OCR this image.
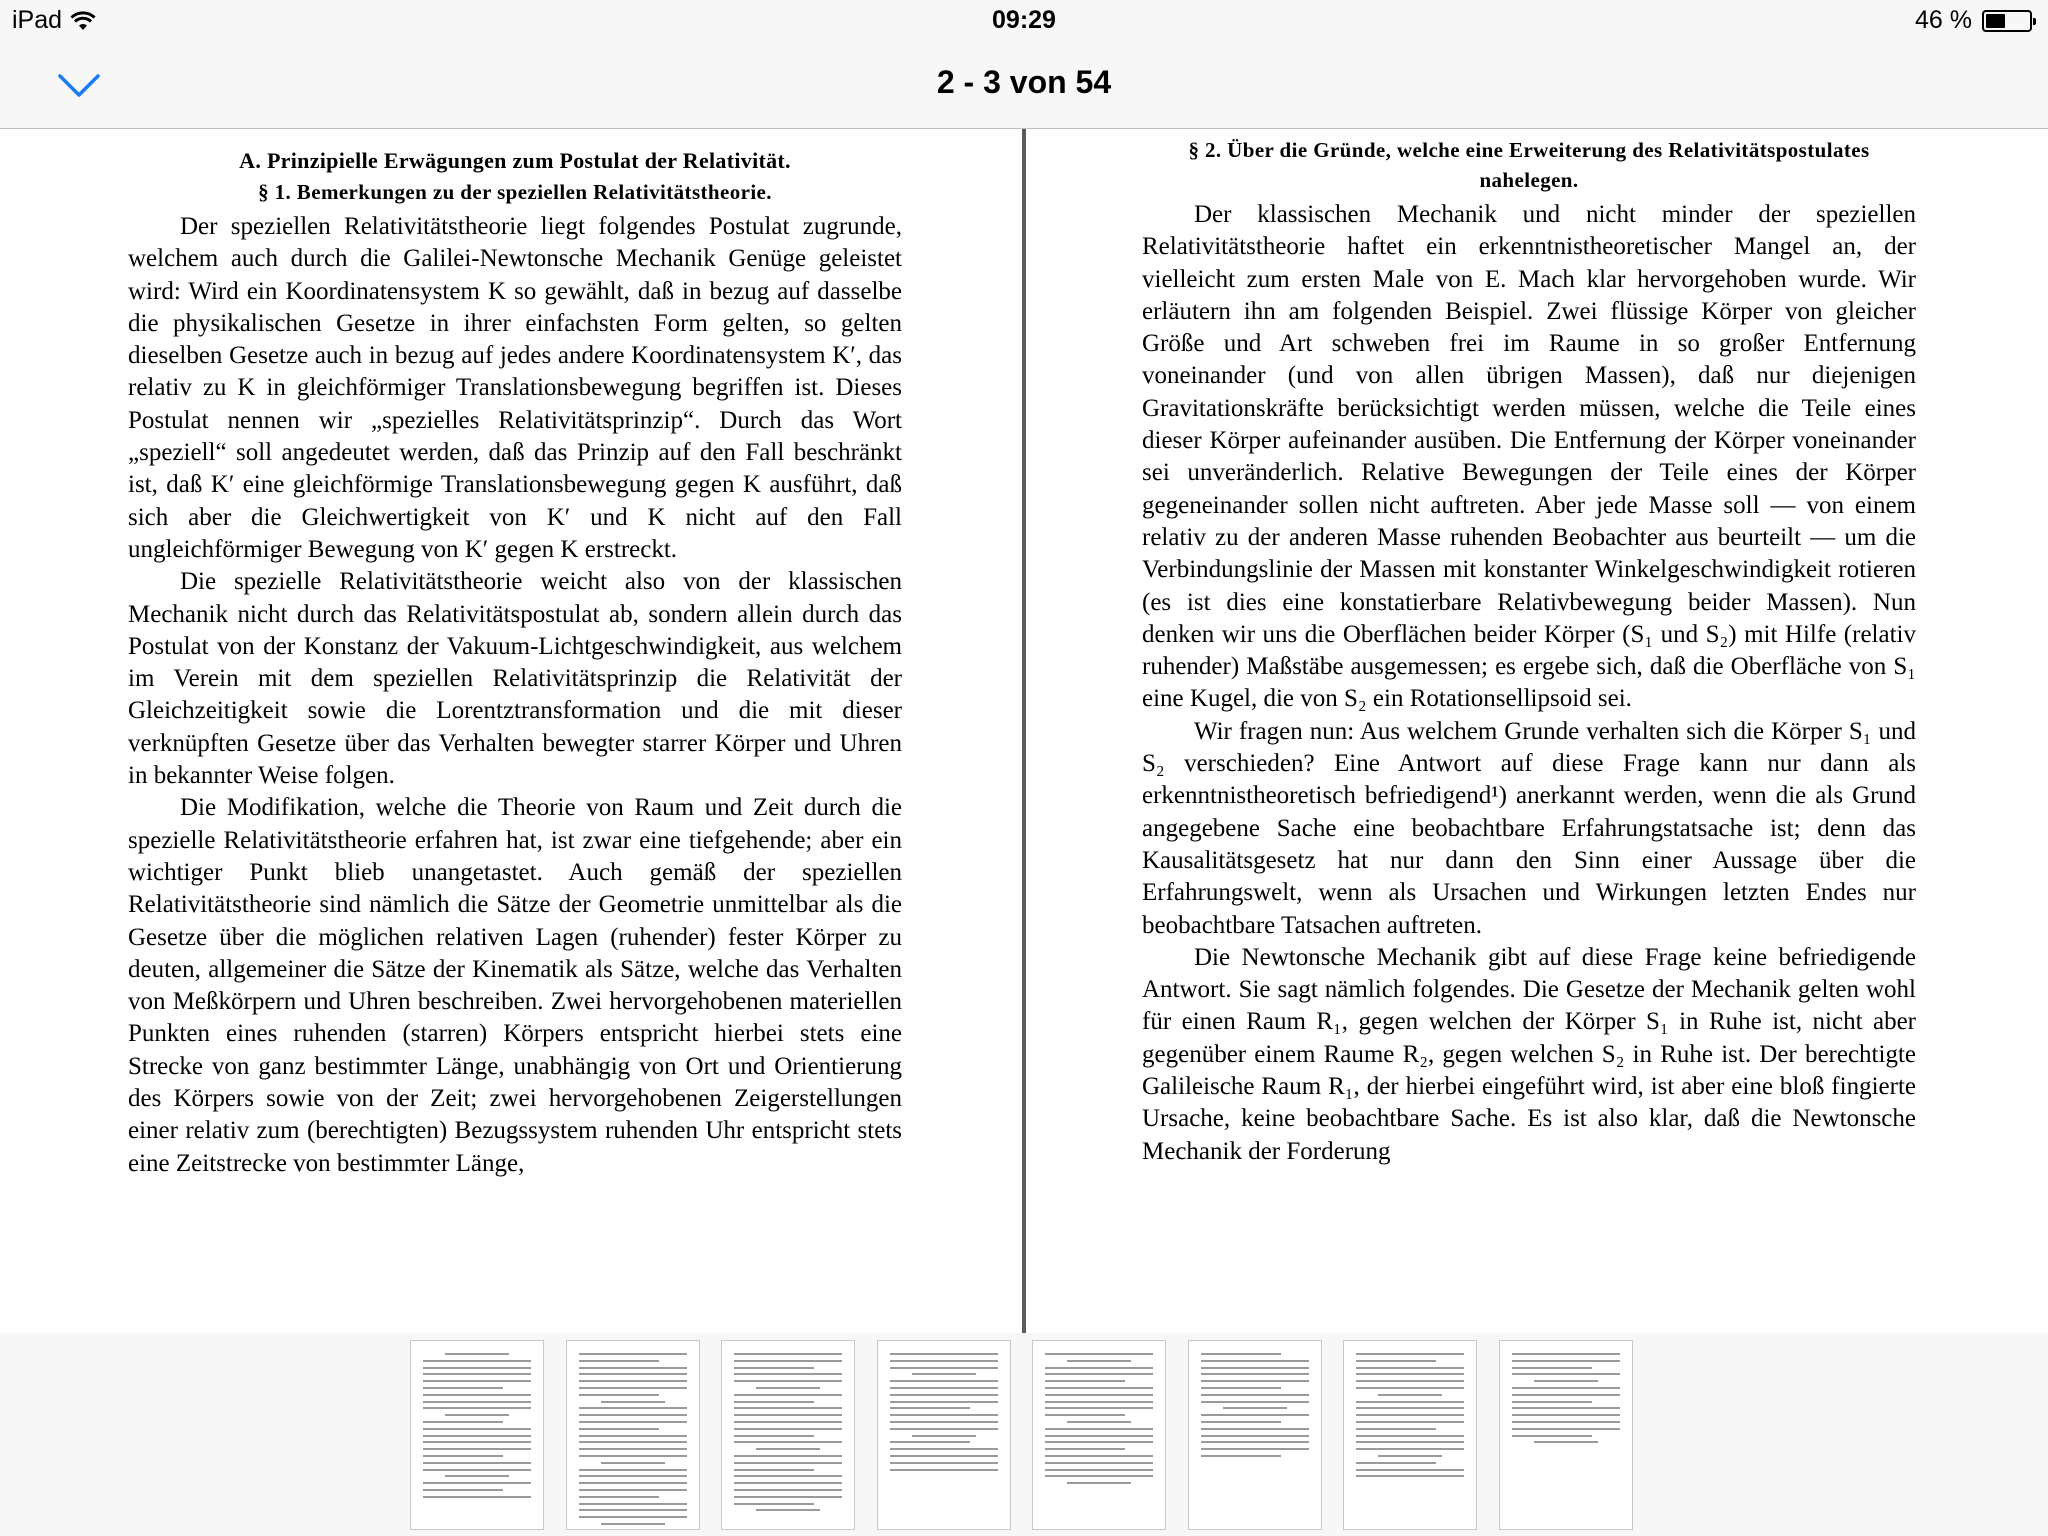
iPad	09:29	46 %
2 - 3 von 54

A. Prinzipielle Erwägungen zum Postulat der Relativität.

§ 1. Bemerkungen zu der speziellen Relativitätstheorie.

Der speziellen Relativitätstheorie liegt folgendes Postulat zugrunde, welchem auch durch die Galilei-Newtonsche Mechanik Genüge geleistet wird: Wird ein Koordinatensystem K so gewählt, daß in bezug auf dasselbe die physikalischen Gesetze in ihrer einfachsten Form gelten, so gelten dieselben Gesetze auch in bezug auf jedes andere Koordinatensystem K′, das relativ zu K in gleichförmiger Translationsbewegung begriffen ist. Dieses Postulat nennen wir „spezielles Relativitätsprinzip“. Durch das Wort „speziell“ soll angedeutet werden, daß das Prinzip auf den Fall beschränkt ist, daß K′ eine gleichförmige Translationsbewegung gegen K ausführt, daß sich aber die Gleichwertigkeit von K′ und K nicht auf den Fall ungleichförmiger Bewegung von K′ gegen K erstreckt.

Die spezielle Relativitätstheorie weicht also von der klassischen Mechanik nicht durch das Relativitätspostulat ab, sondern allein durch das Postulat von der Konstanz der Vakuum-Lichtgeschwindigkeit, aus welchem im Verein mit dem speziellen Relativitätsprinzip die Relativität der Gleichzeitigkeit sowie die Lorentztransformation und die mit dieser verknüpften Gesetze über das Verhalten bewegter starrer Körper und Uhren in bekannter Weise folgen.

Die Modifikation, welche die Theorie von Raum und Zeit durch die spezielle Relativitätstheorie erfahren hat, ist zwar eine tiefgehende; aber ein wichtiger Punkt blieb unangetastet. Auch gemäß der speziellen Relativitätstheorie sind nämlich die Sätze der Geometrie unmittelbar als die Gesetze über die möglichen relativen Lagen (ruhender) fester Körper zu deuten, allgemeiner die Sätze der Kinematik als Sätze, welche das Verhalten von Meßkörpern und Uhren beschreiben. Zwei hervorgehobenen materiellen Punkten eines ruhenden (starren) Körpers entspricht hierbei stets eine Strecke von ganz bestimmter Länge, unabhängig von Ort und Orientierung des Körpers sowie von der Zeit; zwei hervorgehobenen Zeigerstellungen einer relativ zum (berechtigten) Bezugssystem ruhenden Uhr entspricht stets eine Zeitstrecke von bestimmter Länge,

§ 2. Über die Gründe, welche eine Erweiterung des Relativitätspostulates nahelegen.

Der klassischen Mechanik und nicht minder der speziellen Relativitätstheorie haftet ein erkenntnistheoretischer Mangel an, der vielleicht zum ersten Male von E. Mach klar hervorgehoben wurde. Wir erläutern ihn am folgenden Beispiel. Zwei flüssige Körper von gleicher Größe und Art schweben frei im Raume in so großer Entfernung voneinander (und von allen übrigen Massen), daß nur diejenigen Gravitationskräfte berücksichtigt werden müssen, welche die Teile eines dieser Körper aufeinander ausüben. Die Entfernung der Körper voneinander sei unveränderlich. Relative Bewegungen der Teile eines der Körper gegeneinander sollen nicht auftreten. Aber jede Masse soll — von einem relativ zu der anderen Masse ruhenden Beobachter aus beurteilt — um die Verbindungslinie der Massen mit konstanter Winkelgeschwindigkeit rotieren (es ist dies eine konstatierbare Relativbewegung beider Massen). Nun denken wir uns die Oberflächen beider Körper (S₁ und S₂) mit Hilfe (relativ ruhender) Maßstäbe ausgemessen; es ergebe sich, daß die Oberfläche von S₁ eine Kugel, die von S₂ ein Rotationsellipsoid sei.

Wir fragen nun: Aus welchem Grunde verhalten sich die Körper S₁ und S₂ verschieden? Eine Antwort auf diese Frage kann nur dann als erkenntnistheoretisch befriedigend¹) anerkannt werden, wenn die als Grund angegebene Sache eine beobachtbare Erfahrungstatsache ist; denn das Kausalitätsgesetz hat nur dann den Sinn einer Aussage über die Erfahrungswelt, wenn als Ursachen und Wirkungen letzten Endes nur beobachtbare Tatsachen auftreten.

Die Newtonsche Mechanik gibt auf diese Frage keine befriedigende Antwort. Sie sagt nämlich folgendes. Die Gesetze der Mechanik gelten wohl für einen Raum R₁, gegen welchen der Körper S₁ in Ruhe ist, nicht aber gegenüber einem Raume R₂, gegen welchen S₂ in Ruhe ist. Der berechtigte Galileische Raum R₁, der hierbei eingeführt wird, ist aber eine bloß fingierte Ursache, keine beobachtbare Sache. Es ist also klar, daß die Newtonsche Mechanik der Forderung
